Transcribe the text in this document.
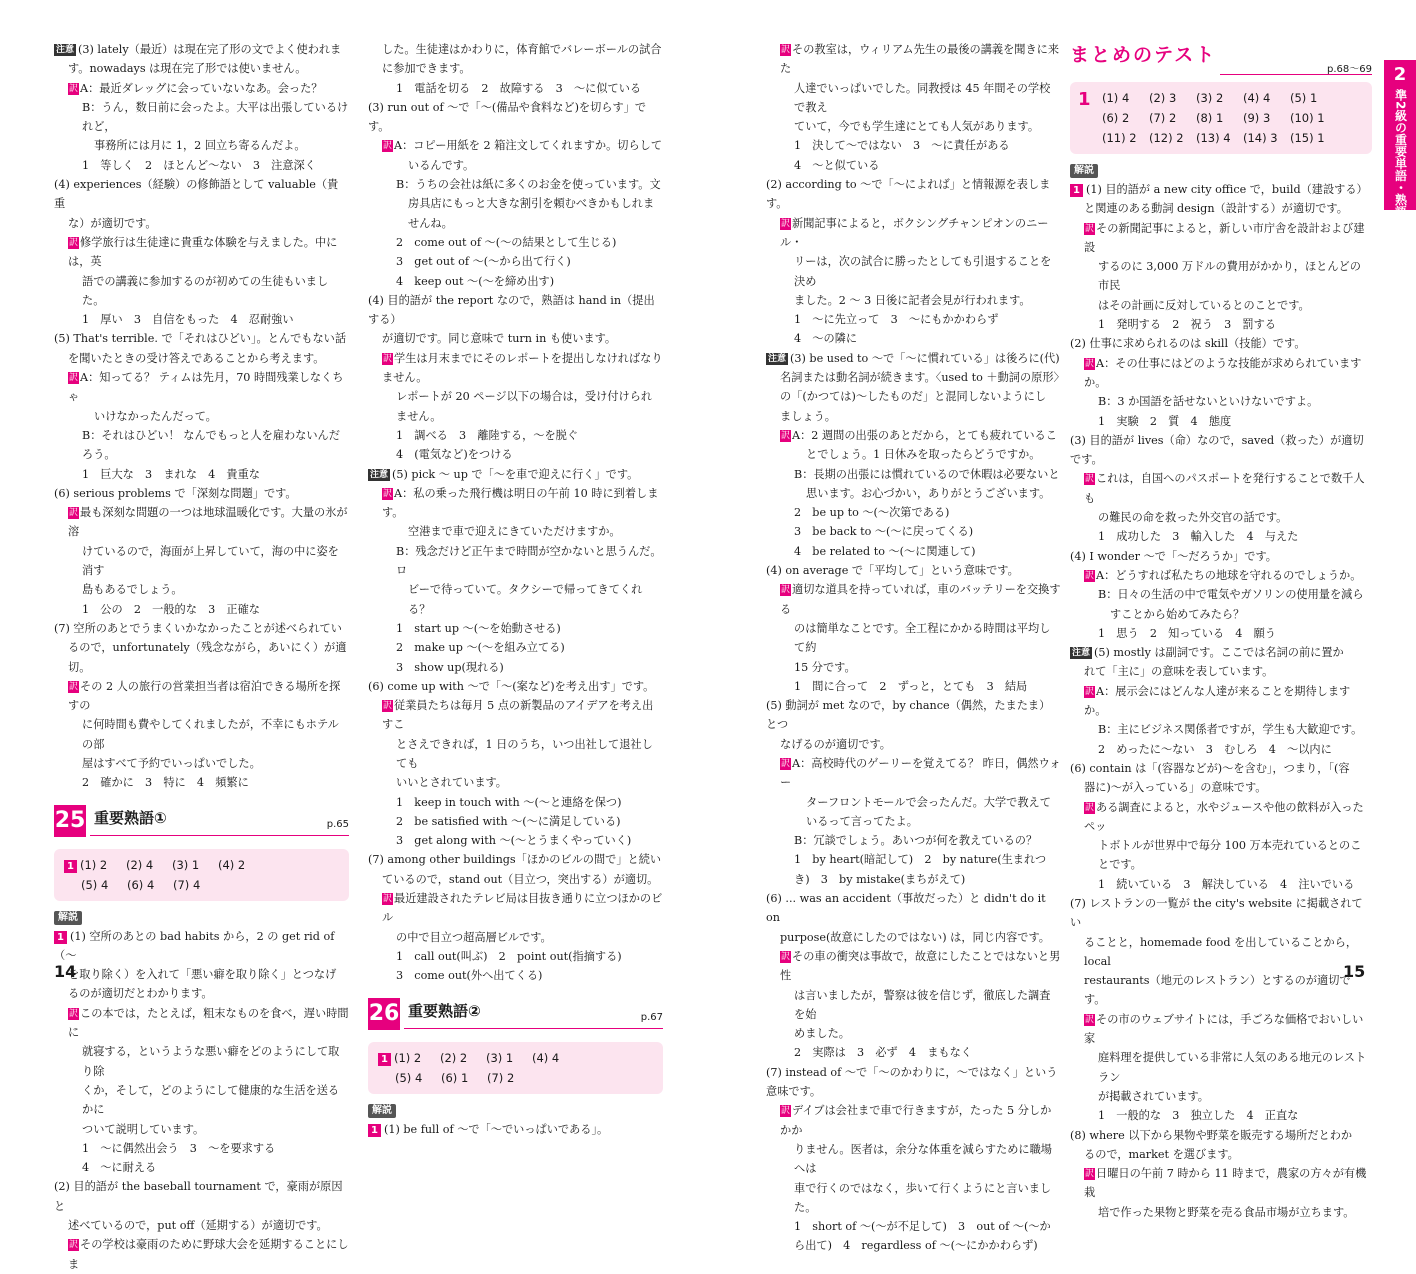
注意 (3) lately（最近）は現在完了形の文でよく使われま

す。nowadays は現在完了形では使いません。

訳 A：最近ダレッグに会っていないなあ。会った？

B：うん，数日前に会ったよ。大平は出張しているけれど，

事務所には月に 1，2 回立ち寄るんだよ。

1　等しく　2　ほとんど～ない　3　注意深く

(4) experiences（経験）の修飾語として valuable（貴重

な）が適切です。

訳 修学旅行は生徒達に貴重な体験を与えました。中には，英

語での講義に参加するのが初めての生徒もいました。

1　厚い　3　自信をもった　4　忍耐強い

(5) That's terrible. で「それはひどい」。とんでもない話

を聞いたときの受け答えであることから考えます。

訳 A：知ってる？ ティムは先月，70 時間残業しなくちゃ

いけなかったんだって。

B：それはひどい！ なんでもっと人を雇わないんだろう。

1　巨大な　3　まれな　4　貴重な

(6) serious problems で「深刻な問題」です。

訳 最も深刻な問題の一つは地球温暖化です。大量の氷が溶

けているので，海面が上昇していて，海の中に姿を消す

島もあるでしょう。

1　公の　2　一般的な　3　正確な

(7) 空所のあとでうまくいかなかったことが述べられてい

るので，unfortunately（残念ながら，あいにく）が適切。

訳 その 2 人の旅行の営業担当者は宿泊できる場所を探すの

に何時間も費やしてくれましたが，不幸にもホテルの部

屋はすべて予約でいっぱいでした。

2　確かに　3　特に　4　頻繁に

25 重要熟語①	p.65
1 (1) 2 (2) 4 (3) 1 (4) 2
(5) 4 (6) 4 (7) 4
解説

1 (1) 空所のあとの bad habits から，2 の get rid of（～

を取り除く）を入れて「悪い癖を取り除く」とつなげ

るのが適切だとわかります。

訳 この本では，たとえば，粗末なものを食べ，遅い時間に

就寝する，というような悪い癖をどのようにして取り除

くか，そして，どのようにして健康的な生活を送るかに

ついて説明しています。

1　～に偶然出会う　3　～を要求する

4　～に耐える

(2) 目的語が the baseball tournament で，豪雨が原因と

述べているので，put off（延期する）が適切です。

訳 その学校は豪雨のために野球大会を延期することにしま

した。生徒達はかわりに，体育館でバレーボールの試合

に参加できます。

1　電話を切る　2　故障する　3　～に似ている

(3) run out of ～で「～(備品や食料など)を切らす」です。

訳 A：コピー用紙を 2 箱注文してくれますか。切らして

いるんです。

B：うちの会社は紙に多くのお金を使っています。文

房具店にもっと大きな割引を頼むべきかもしれま

せんね。

2　come out of ～(～の結果として生じる)

3　get out of ～(～から出て行く)

4　keep out ～(～を締め出す)

(4) 目的語が the report なので，熟語は hand in（提出する）

が適切です。同じ意味で turn in も使います。

訳 学生は月末までにそのレポートを提出しなければなりません。

レポートが 20 ページ以下の場合は，受け付けられません。

1　調べる　3　離陸する，～を脱ぐ

4　(電気など)をつける

注意 (5) pick ～ up で「～を車で迎えに行く」です。

訳 A：私の乗った飛行機は明日の午前 10 時に到着します。

空港まで車で迎えにきていただけますか。

B：残念だけど正午まで時間が空かないと思うんだ。ロ

ビーで待っていて。タクシーで帰ってきてくれる？

1　start up ～(～を始動させる)

2　make up ～(～を組み立てる)

3　show up(現れる)

(6) come up with ～で「～(案など)を考え出す」です。

訳 従業員たちは毎月 5 点の新製品のアイデアを考え出すこ

とさえできれば，1 日のうち，いつ出社して退社しても

いいとされています。

1　keep in touch with ～(～と連絡を保つ)

2　be satisfied with ～(～に満足している)

3　get along with ～(～とうまくやっていく)

(7) among other buildings「ほかのビルの間で」と続い

ているので，stand out（目立つ，突出する）が適切。

訳 最近建設されたテレビ局は目抜き通りに立つほかのビル

の中で目立つ超高層ビルです。

1　call out(叫ぶ)　2　point out(指摘する)

3　come out(外へ出てくる)

26 重要熟語②	p.67
1 (1) 2 (2) 2 (3) 1 (4) 4
(5) 4 (6) 1 (7) 2
解説

1 (1) be full of ～で「～でいっぱいである」。

14

訳 その教室は，ウィリアム先生の最後の講義を聞きに来た

人達でいっぱいでした。同教授は 45 年間その学校で教え

ていて，今でも学生達にとても人気があります。

1　決して～ではない　3　～に責任がある

4　～と似ている

(2) according to ～で「～によれば」と情報源を表します。

訳 新聞記事によると，ボクシングチャンピオンのニール・

リーは，次の試合に勝ったとしても引退することを決め

ました。2 ～ 3 日後に記者会見が行われます。

1　～に先立って　3　～にもかかわらず

4　～の隣に

注意 (3) be used to ～で「～に慣れている」は後ろに(代)

名詞または動名詞が続きます。〈used to ＋動詞の原形〉

の「(かつては)～したものだ」と混同しないようにし

ましょう。

訳 A：2 週間の出張のあとだから，とても疲れているこ

とでしょう。1 日休みを取ったらどうですか。

B：長期の出張には慣れているので休暇は必要ないと

思います。お心づかい，ありがとうございます。

2　be up to ～(～次第である)

3　be back to ～(～に戻ってくる)

4　be related to ～(～に関連して)

(4) on average で「平均して」という意味です。

訳 適切な道具を持っていれば，車のバッテリーを交換する

のは簡単なことです。全工程にかかる時間は平均して約

15 分です。

1　間に合って　2　ずっと，とても　3　結局

(5) 動詞が met なので，by chance（偶然，たまたま）とつ

なげるのが適切です。

訳 A：高校時代のゲーリーを覚えてる？ 昨日，偶然ウォー

ターフロントモールで会ったんだ。大学で教えて

いるって言ってたよ。

B：冗談でしょう。あいつが何を教えているの？

1　by heart(暗記して)　2　by nature(生まれつ

き)　3　by mistake(まちがえて)

(6) ... was an accident（事故だった）と didn't do it on

purpose(故意にしたのではない) は，同じ内容です。

訳 その車の衝突は事故で，故意にしたことではないと男性

は言いましたが，警察は彼を信じず，徹底した調査を始

めました。

2　実際は　3　必ず　4　まもなく

(7) instead of ～で「～のかわりに，～ではなく」という意味です。

訳 デイブは会社まで車で行きますが，たった 5 分しかかか

りません。医者は，余分な体重を減らすために職場へは

車で行くのではなく，歩いて行くようにと言いました。

1　short of ～(～が不足して)　3　out of ～(～か

ら出て)　4　regardless of ～(～にかかわらず)

まとめのテスト
p.68～69
1 (1) 4 (2) 3 (3) 2 (4) 4 (5) 1
(6) 2 (7) 2 (8) 1 (9) 3 (10) 1
(11) 2 (12) 2 (13) 4 (14) 3 (15) 1
解説

1 (1) 目的語が a new city office で，build（建設する）

と関連のある動詞 design（設計する）が適切です。

訳 その新聞記事によると，新しい市庁舎を設計および建設

するのに 3,000 万ドルの費用がかかり，ほとんどの市民

はその計画に反対しているとのことです。

1　発明する　2　祝う　3　罰する

(2) 仕事に求められるのは skill（技能）です。

訳 A：その仕事にはどのような技能が求められていますか。

B：3 か国語を話せないといけないですよ。

1　実験　2　質　4　態度

(3) 目的語が lives（命）なので，saved（救った）が適切です。

訳 これは，自国へのパスポートを発行することで数千人も

の難民の命を救った外交官の話です。

1　成功した　3　輸入した　4　与えた

(4) I wonder ～で「～だろうか」です。

訳 A：どうすれば私たちの地球を守れるのでしょうか。

B：日々の生活の中で電気やガソリンの使用量を減ら

すことから始めてみたら？

1　思う　2　知っている　4　願う

注意 (5) mostly は副詞です。ここでは名詞の前に置か

れて「主に」の意味を表しています。

訳 A：展示会にはどんな人達が来ることを期待しますか。

B：主にビジネス関係者ですが，学生も大歓迎です。

2　めったに～ない　3　むしろ　4　～以内に

(6) contain は「(容器などが)～を含む」，つまり，「(容

器に)～が入っている」の意味です。

訳 ある調査によると，水やジュースや他の飲料が入ったペッ

トボトルが世界中で毎分 100 万本売れているとのことです。

1　続いている　3　解決している　4　注いでいる

(7) レストランの一覧が the city's website に掲載されてい

ることと，homemade food を出していることから，local

restaurants（地元のレストラン）とするのが適切です。

訳 その市のウェブサイトには，手ごろな価格でおいしい家

庭料理を提供している非常に人気のある地元のレストラン

が掲載されています。

1　一般的な　3　独立した　4　正直な

(8) where 以下から果物や野菜を販売する場所だとわか

るので，market を選びます。

訳 日曜日の午前 7 時から 11 時まで，農家の方々が有機栽

培で作った果物と野菜を売る食品市場が立ちます。

15
2
準2級の重要単語・熟語
